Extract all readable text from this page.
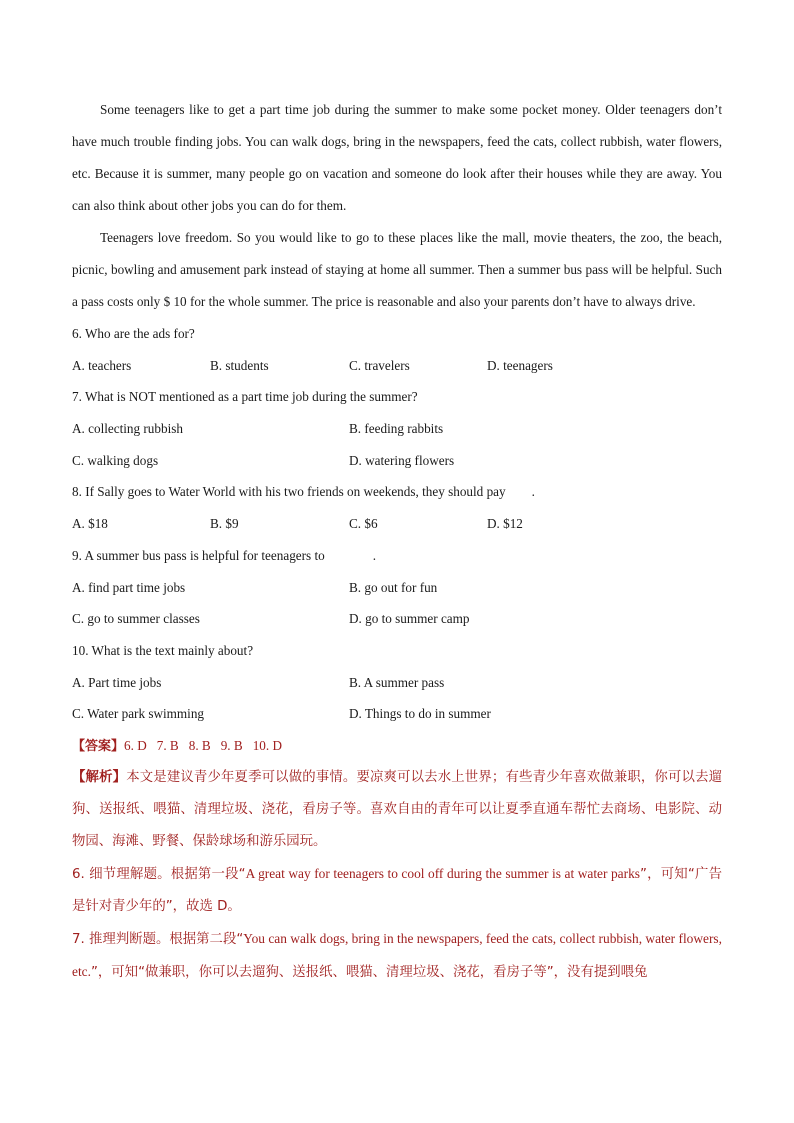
Some teenagers like to get a part time job during the summer to make some pocket money. Older teenagers don’t have much trouble finding jobs. You can walk dogs, bring in the newspapers, feed the cats, collect rubbish, water flowers, etc. Because it is summer, many people go on vacation and someone do look after their houses while they are away. You can also think about other jobs you can do for them.

Teenagers love freedom. So you would like to go to these places like the mall, movie theaters, the zoo, the beach, picnic, bowling and amusement park instead of staying at home all summer. Then a summer bus pass will be helpful. Such a pass costs only $ 10 for the whole summer. The price is reasonable and also your parents don’t have to always drive.

6. Who are the ads for?
A. teachers	B. students	C. travelers	D. teenagers
7. What is NOT mentioned as a part time job during the summer?
A. collecting rubbish	B. feeding rabbits
C. walking dogs	D. watering flowers
8. If Sally goes to Water World with his two friends on weekends, they should pay .
A. $18	B. $9	C. $6	D. $12
9. A summer bus pass is helpful for teenagers to	.
A. find part time jobs	B. go out for fun
C. go to summer classes	D. go to summer camp
10. What is the text mainly about?
A. Part time jobs	B. A summer pass
C. Water park swimming	D. Things to do in summer
【答案】6. D 7. B 8. B 9. B 10. D

【解析】本文是建议青少年夏季可以做的事情。要凉爽可以去水上世界；有些青少年喜欢做兼职，你可以去遛狗、送报纸、喂猫、清理垃圾、浇花，看房子等。喜欢自由的青年可以让夏季直通车帮忙去商场、电影院、动物园、海滩、野餐、保龄球场和游乐园玩。

6. 细节理解题。根据第一段“A great way for teenagers to cool off during the summer is at water parks”，可知“广告是针对青少年的”，故选 D。

7. 推理判断题。根据第二段“You can walk dogs, bring in the newspapers, feed the cats, collect rubbish, water flowers, etc.”，可知“做兼职，你可以去遛狗、送报纸、喂猫、清理垃圾、浇花，看房子等”，没有提到喂兔
